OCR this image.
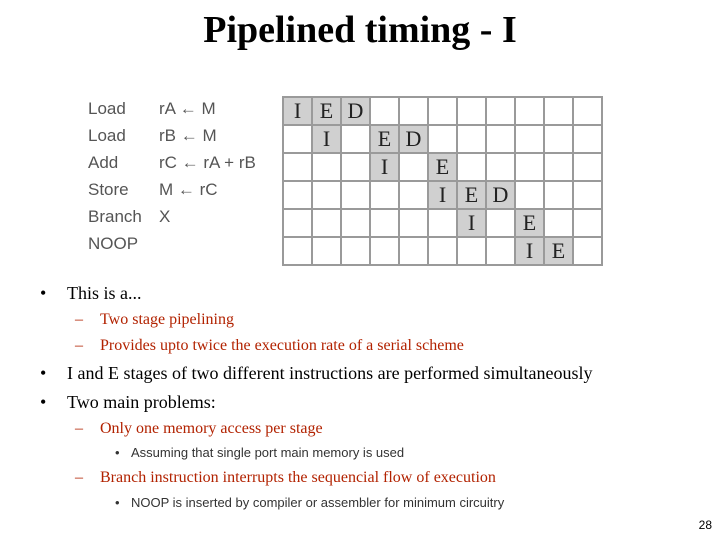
Pipelined timing - I
Load rA ← M
Load rB ← M
Add rC ← rA + rB
Store M ← rC
Branch X
NOOP
I	E	D								
	I		E	D						
			I		E					
					I	E	D			
						I		E		
								I	E	
• This is a...
– Two stage pipelining
– Provides upto twice the execution rate of a serial scheme
• I and E stages of two different instructions are performed simultaneously
• Two main problems:
– Only one memory access per stage
• Assuming that single port main memory is used
– Branch instruction interrupts the sequencial flow of execution
• NOOP is inserted by compiler or assembler for minimum circuitry
28
